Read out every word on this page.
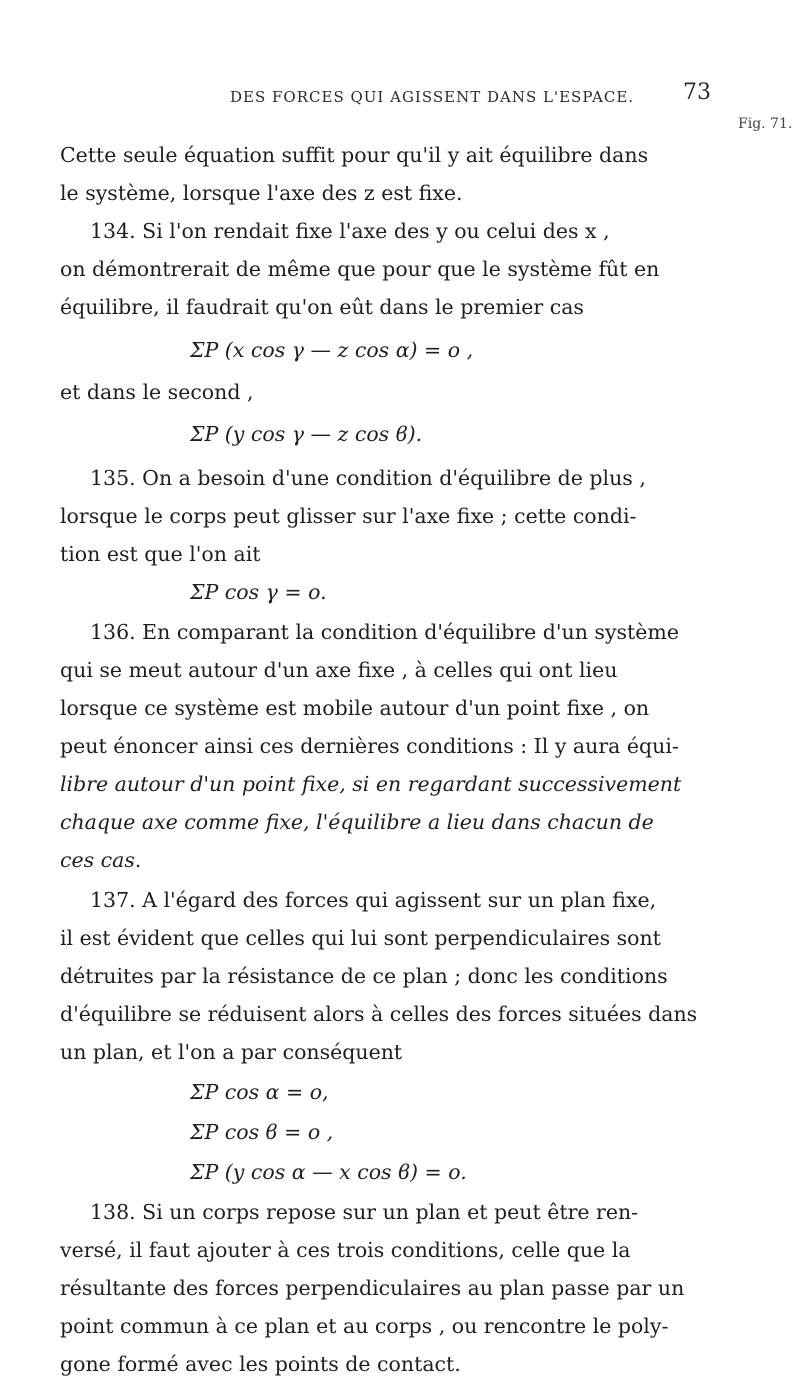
DES FORCES QUI AGISSENT DANS L'ESPACE. 73
Fig. 71.
Cette seule équation suffit pour qu'il y ait équilibre dans
le système, lorsque l'axe des z est fixe.
134. Si l'on rendait fixe l'axe des y ou celui des x ,
on démontrerait de même que pour que le système fût en
équilibre, il faudrait qu'on eût dans le premier cas
ΣP (x cos γ — z cos α) = o ,
et dans le second ,
ΣP (y cos γ — z cos ϐ).
135. On a besoin d'une condition d'équilibre de plus ,
lorsque le corps peut glisser sur l'axe fixe ; cette condi-
tion est que l'on ait
ΣP cos γ = o.
136. En comparant la condition d'équilibre d'un système
qui se meut autour d'un axe fixe , à celles qui ont lieu
lorsque ce système est mobile autour d'un point fixe , on
peut énoncer ainsi ces dernières conditions : Il y aura équi-
libre autour d'un point fixe, si en regardant successivement
chaque axe comme fixe, l'équilibre a lieu dans chacun de
ces cas.
137. A l'égard des forces qui agissent sur un plan fixe,
il est évident que celles qui lui sont perpendiculaires sont
détruites par la résistance de ce plan ; donc les conditions
d'équilibre se réduisent alors à celles des forces situées dans
un plan, et l'on a par conséquent
ΣP cos α = o,
ΣP cos ϐ = o ,
ΣP (y cos α — x cos ϐ) = o.
138. Si un corps repose sur un plan et peut être ren-
versé, il faut ajouter à ces trois conditions, celle que la
résultante des forces perpendiculaires au plan passe par un
point commun à ce plan et au corps , ou rencontre le poly-
gone formé avec les points de contact.
